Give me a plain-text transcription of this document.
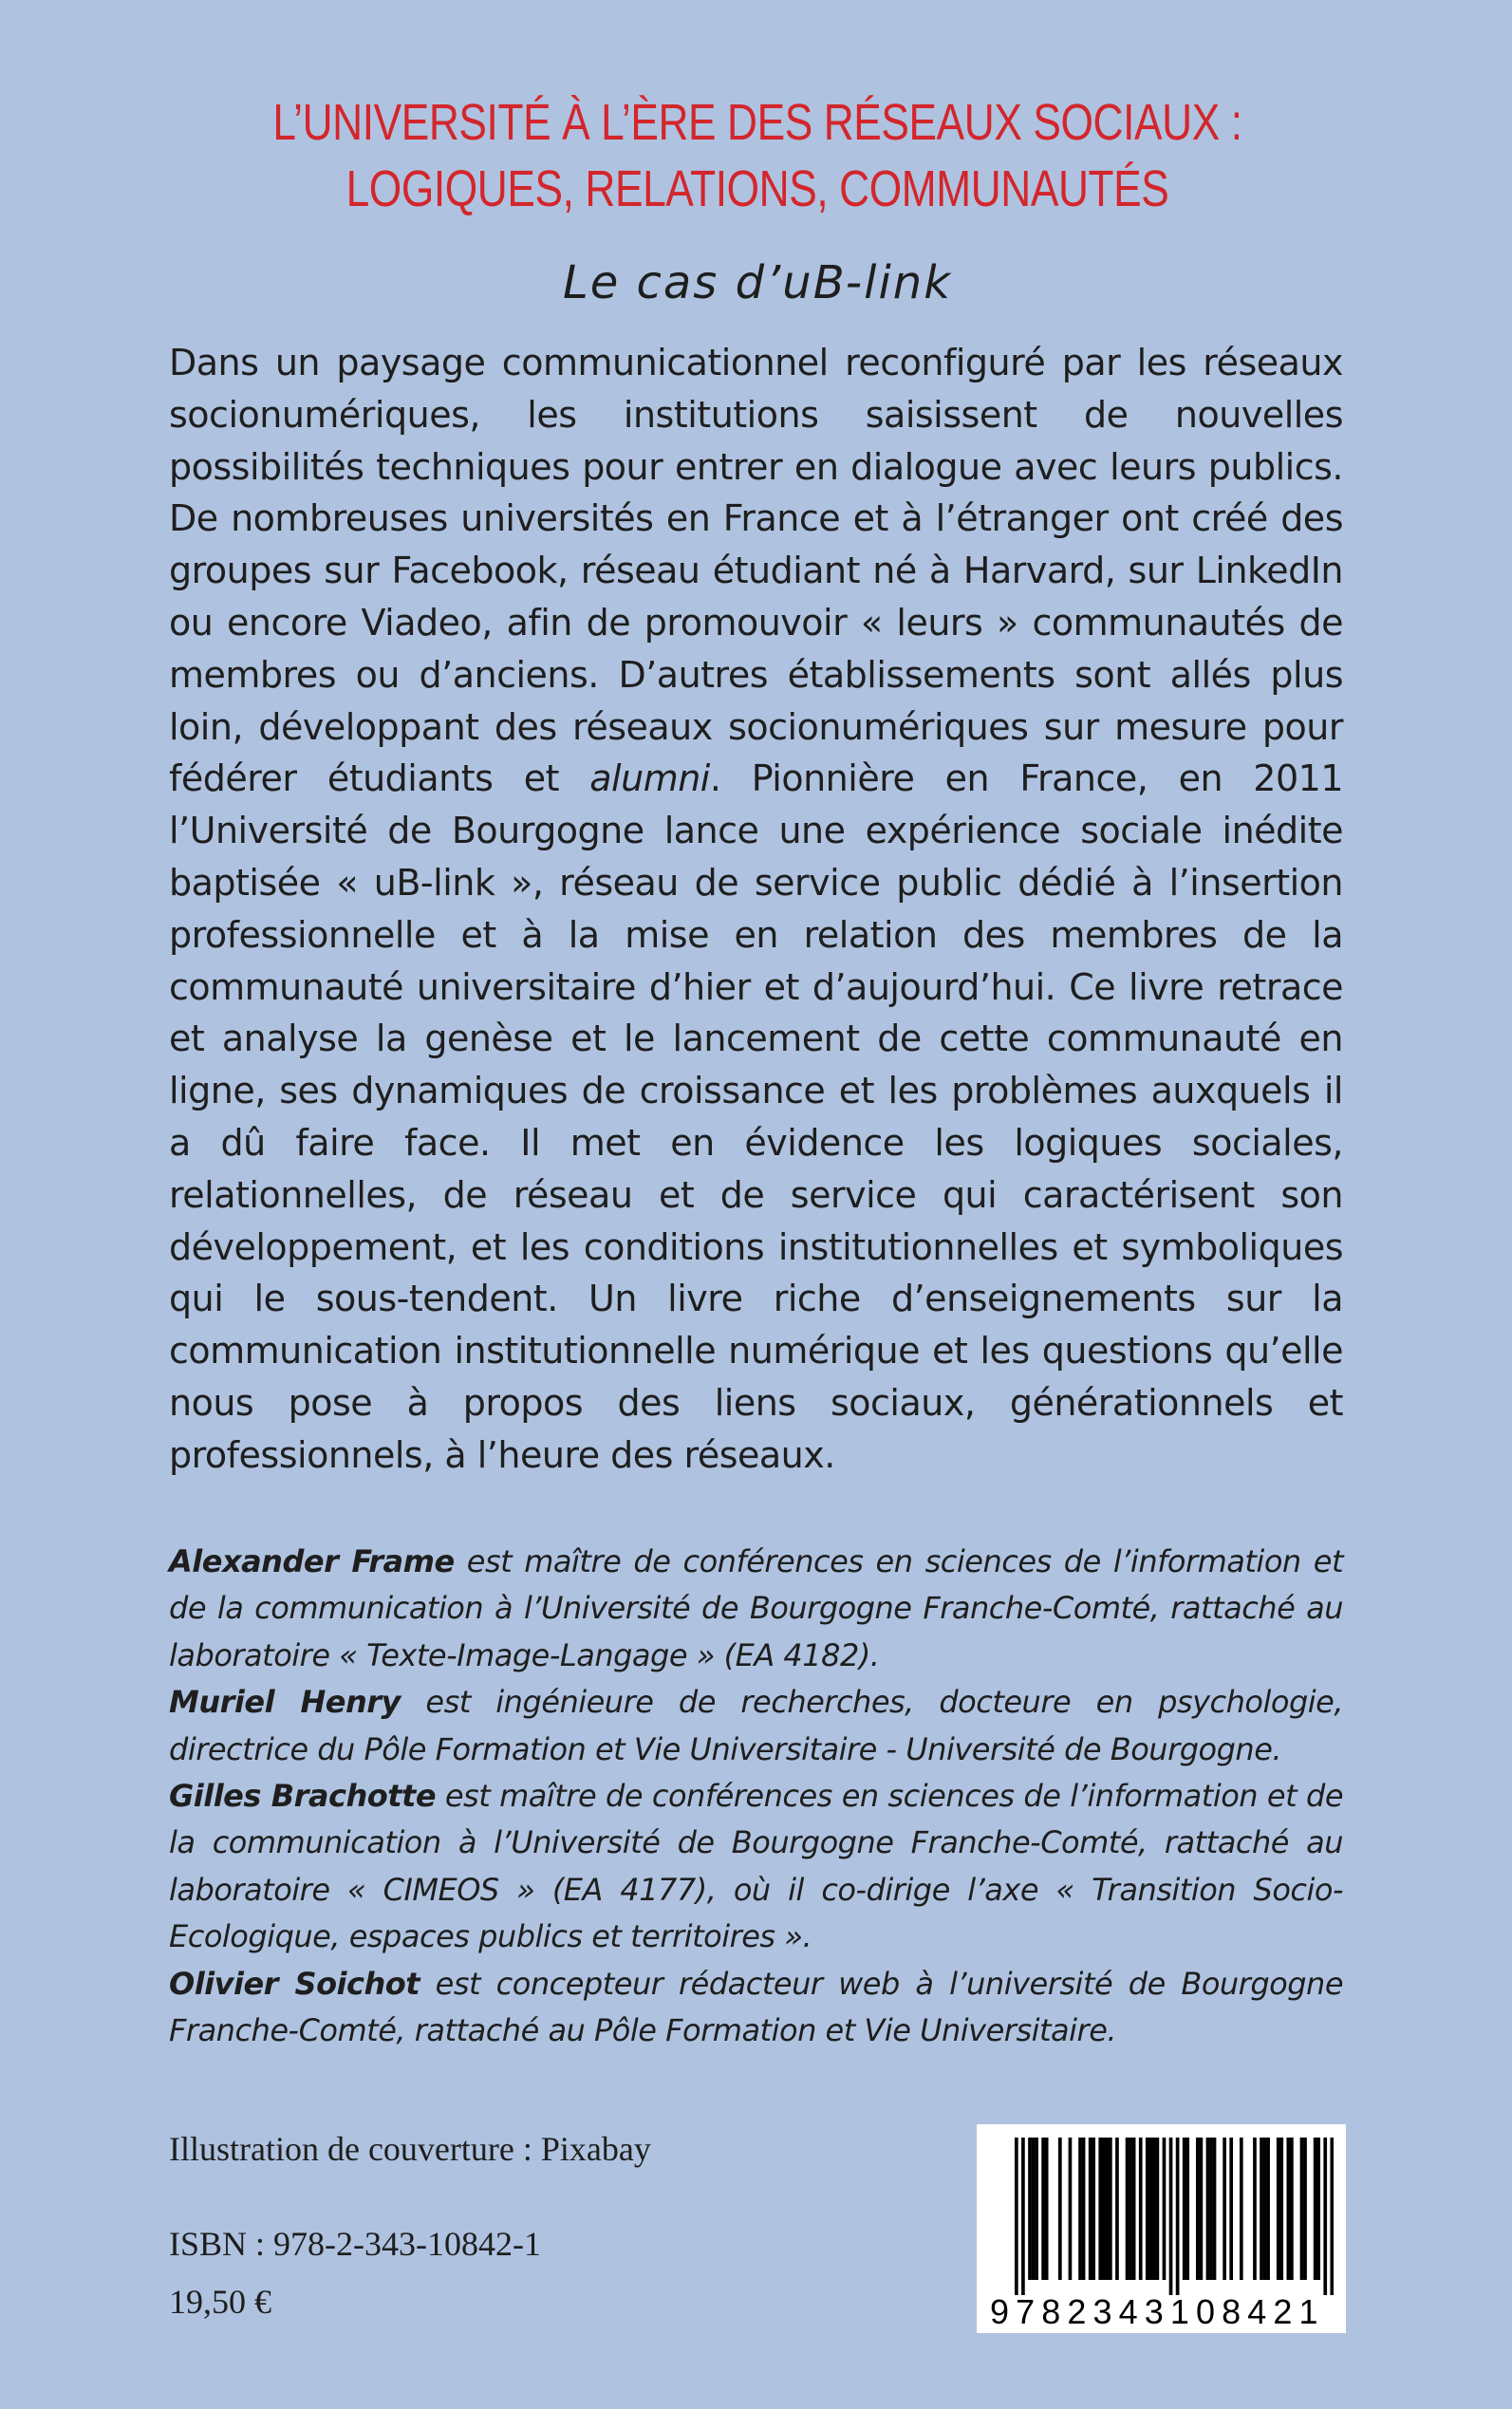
L’UNIVERSITÉ À L’ÈRE DES RÉSEAUX SOCIAUX :
LOGIQUES, RELATIONS, COMMUNAUTÉS
Le cas d’uB-link

Dans un paysage communicationnel reconfiguré par les réseaux socionumériques, les institutions saisissent de nouvelles possibilités techniques pour entrer en dialogue avec leurs publics. De nombreuses universités en France et à l’étranger ont créé des groupes sur Facebook, réseau étudiant né à Harvard, sur LinkedIn ou encore Viadeo, afin de promouvoir « leurs » communautés de membres ou d’anciens. D’autres établissements sont allés plus loin, développant des réseaux socionumériques sur mesure pour fédérer étudiants et alumni. Pionnière en France, en 2011 l’Université de Bourgogne lance une expérience sociale inédite baptisée « uB-link », réseau de service public dédié à l’insertion professionnelle et à la mise en relation des membres de la communauté universitaire d’hier et d’aujourd’hui. Ce livre retrace et analyse la genèse et le lancement de cette communauté en ligne, ses dynamiques de croissance et les problèmes auxquels il a dû faire face. Il met en évidence les logiques sociales, relationnelles, de réseau et de service qui caractérisent son développement, et les conditions institutionnelles et symboliques qui le sous-tendent. Un livre riche d’enseignements sur la communication institutionnelle numérique et les questions qu’elle nous pose à propos des liens sociaux, générationnels et professionnels, à l’heure des réseaux.

Alexander Frame est maître de conférences en sciences de l’information et de la communication à l’Université de Bourgogne Franche-Comté, rattaché au laboratoire « Texte-Image-Langage » (EA 4182).

Muriel Henry est ingénieure de recherches, docteure en psychologie, directrice du Pôle Formation et Vie Universitaire - Université de Bourgogne.

Gilles Brachotte est maître de conférences en sciences de l’information et de la communication à l’Université de Bourgogne Franche-Comté, rattaché au laboratoire « CIMEOS » (EA 4177), où il co-dirige l’axe « Transition Socio-Ecologique, espaces publics et territoires ».

Olivier Soichot est concepteur rédacteur web à l’université de Bourgogne Franche-Comté, rattaché au Pôle Formation et Vie Universitaire.

Illustration de couverture : Pixabay
ISBN : 978-2-343-10842-1
19,50 €	9782343108421
